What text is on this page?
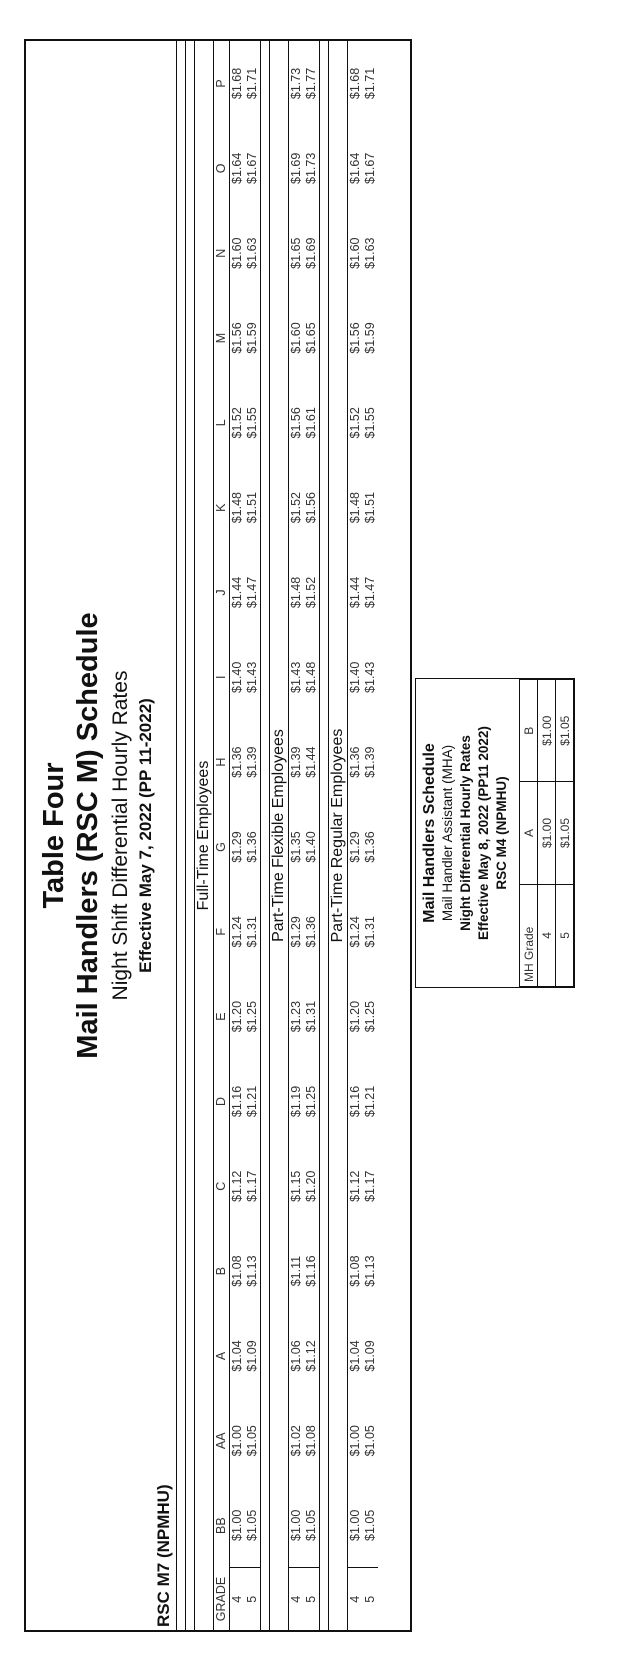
Table Four Mail Handlers (RSC M) Schedule Night Shift Differential Hourly Rates Effective May 7, 2022 (PP 11-2022)
RSC M7 (NPMHU)

Full-Time Employees																		
GRADE	BB	AA	A	B	C	D	E	F	G	H	I	J	K	L	M	N	O	P
4	$1.00	$1.00	$1.04	$1.08	$1.12	$1.16	$1.20	$1.24	$1.29	$1.36	$1.40	$1.44	$1.48	$1.52	$1.56	$1.60	$1.64	$1.68
5	$1.05	$1.05	$1.09	$1.13	$1.17	$1.21	$1.25	$1.31	$1.36	$1.39	$1.43	$1.47	$1.51	$1.55	$1.59	$1.63	$1.67	$1.71

Part-Time Flexible Employees																		
4	$1.00	$1.02	$1.06	$1.11	$1.15	$1.19	$1.23	$1.29	$1.35	$1.39	$1.43	$1.48	$1.52	$1.56	$1.60	$1.65	$1.69	$1.73
5	$1.05	$1.08	$1.12	$1.16	$1.20	$1.25	$1.31	$1.36	$1.40	$1.44	$1.48	$1.52	$1.56	$1.61	$1.65	$1.69	$1.73	$1.77

Part-Time Regular Employees																		
4	$1.00	$1.00	$1.04	$1.08	$1.12	$1.16	$1.20	$1.24	$1.29	$1.36	$1.40	$1.44	$1.48	$1.52	$1.56	$1.60	$1.64	$1.68
5	$1.05	$1.05	$1.09	$1.13	$1.17	$1.21	$1.25	$1.31	$1.36	$1.39	$1.43	$1.47	$1.51	$1.55	$1.59	$1.63	$1.67	$1.71
Mail Handlers Schedule Mail Handler Assistant (MHA) Night Differential Hourly Rates Effective May 8, 2022 (PP11 2022) RSC M4 (NPMHU)
MH Grade	A	B
4	$1.00	$1.00
5	$1.05	$1.05
